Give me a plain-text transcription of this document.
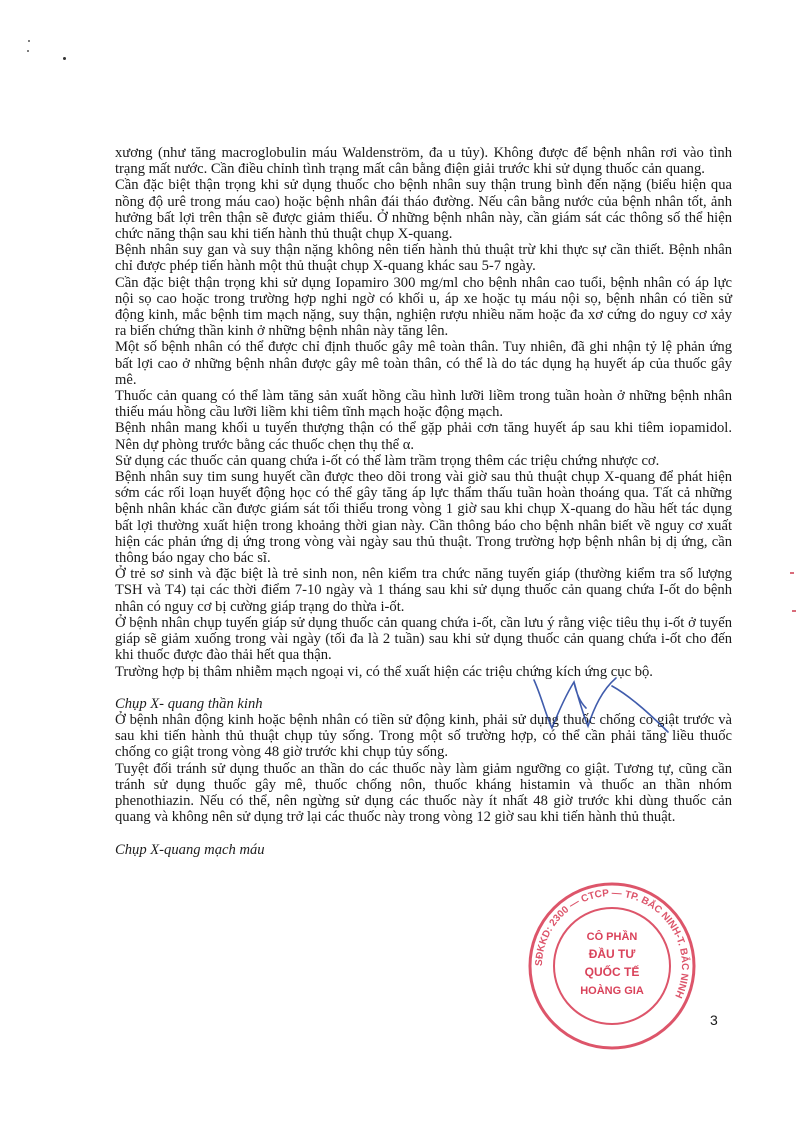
xương (như tăng macroglobulin máu Waldenström, đa u tủy). Không được để bệnh nhân rơi vào tình trạng mất nước. Cần điều chỉnh tình trạng mất cân bằng điện giải trước khi sử dụng thuốc cản quang.

Cần đặc biệt thận trọng khi sử dụng thuốc cho bệnh nhân suy thận trung bình đến nặng (biểu hiện qua nồng độ urê trong máu cao) hoặc bệnh nhân đái tháo đường. Nếu cân bằng nước của bệnh nhân tốt, ảnh hưởng bất lợi trên thận sẽ được giảm thiểu. Ở những bệnh nhân này, cần giám sát các thông số thể hiện chức năng thận sau khi tiến hành thủ thuật chụp X-quang.

Bệnh nhân suy gan và suy thận nặng không nên tiến hành thủ thuật trừ khi thực sự cần thiết. Bệnh nhân chỉ được phép tiến hành một thủ thuật chụp X-quang khác sau 5-7 ngày.

Cần đặc biệt thận trọng khi sử dụng Iopamiro 300 mg/ml cho bệnh nhân cao tuổi, bệnh nhân có áp lực nội sọ cao hoặc trong trường hợp nghi ngờ có khối u, áp xe hoặc tụ máu nội sọ, bệnh nhân có tiền sử động kinh, mắc bệnh tim mạch nặng, suy thận, nghiện rượu nhiều năm hoặc đa xơ cứng do nguy cơ xảy ra biến chứng thần kinh ở những bệnh nhân này tăng lên.

Một số bệnh nhân có thể được chỉ định thuốc gây mê toàn thân. Tuy nhiên, đã ghi nhận tỷ lệ phản ứng bất lợi cao ở những bệnh nhân được gây mê toàn thân, có thể là do tác dụng hạ huyết áp của thuốc gây mê.

Thuốc cản quang có thể làm tăng sản xuất hồng cầu hình lưỡi liềm trong tuần hoàn ở những bệnh nhân thiếu máu hồng cầu lưỡi liềm khi tiêm tĩnh mạch hoặc động mạch.

Bệnh nhân mang khối u tuyến thượng thận có thể gặp phải cơn tăng huyết áp sau khi tiêm iopamidol. Nên dự phòng trước bằng các thuốc chẹn thụ thể α.

Sử dụng các thuốc cản quang chứa i-ốt có thể làm trầm trọng thêm các triệu chứng nhược cơ.

Bệnh nhân suy tim sung huyết cần được theo dõi trong vài giờ sau thủ thuật chụp X-quang để phát hiện sớm các rối loạn huyết động học có thể gây tăng áp lực thẩm thấu tuần hoàn thoáng qua. Tất cả những bệnh nhân khác cần được giám sát tối thiểu trong vòng 1 giờ sau khi chụp X-quang do hầu hết tác dụng bất lợi thường xuất hiện trong khoảng thời gian này. Cần thông báo cho bệnh nhân biết về nguy cơ xuất hiện các phản ứng dị ứng trong vòng vài ngày sau thủ thuật. Trong trường hợp bệnh nhân bị dị ứng, cần thông báo ngay cho bác sĩ.

Ở trẻ sơ sinh và đặc biệt là trẻ sinh non, nên kiểm tra chức năng tuyến giáp (thường kiểm tra số lượng TSH và T4) tại các thời điểm 7-10 ngày và 1 tháng sau khi sử dụng thuốc cản quang chứa I-ốt do bệnh nhân có nguy cơ bị cường giáp trạng do thừa i-ốt.

Ở bệnh nhân chụp tuyến giáp sử dụng thuốc cản quang chứa i-ốt, cần lưu ý rằng việc tiêu thụ i-ốt ở tuyến giáp sẽ giảm xuống trong vài ngày (tối đa là 2 tuần) sau khi sử dụng thuốc cản quang chứa i-ốt cho đến khi thuốc được đào thải hết qua thận.

Trường hợp bị thâm nhiễm mạch ngoại vi, có thể xuất hiện các triệu chứng kích ứng cục bộ.

Chụp X- quang thần kinh

Ở bệnh nhân động kinh hoặc bệnh nhân có tiền sử động kinh, phải sử dụng thuốc chống co giật trước và sau khi tiến hành thủ thuật chụp tủy sống. Trong một số trường hợp, có thể cần phải tăng liều thuốc chống co giật trong vòng 48 giờ trước khi chụp tủy sống.

Tuyệt đối tránh sử dụng thuốc an thần do các thuốc này làm giảm ngưỡng co giật. Tương tự, cũng cần tránh sử dụng thuốc gây mê, thuốc chống nôn, thuốc kháng histamin và thuốc an thần nhóm phenothiazin. Nếu có thể, nên ngừng sử dụng các thuốc này ít nhất 48 giờ trước khi dùng thuốc cản quang và không nên sử dụng trở lại các thuốc này trong vòng 12 giờ sau khi tiến hành thủ thuật.

Chụp X-quang mạch máu

SĐKKD: 2300 — CTCP — TP. BẮC NINH-T. BẮC NINH
CÔ PHẦN
ĐẦU TƯ
QUỐC TẾ
HOÀNG GIA
3
